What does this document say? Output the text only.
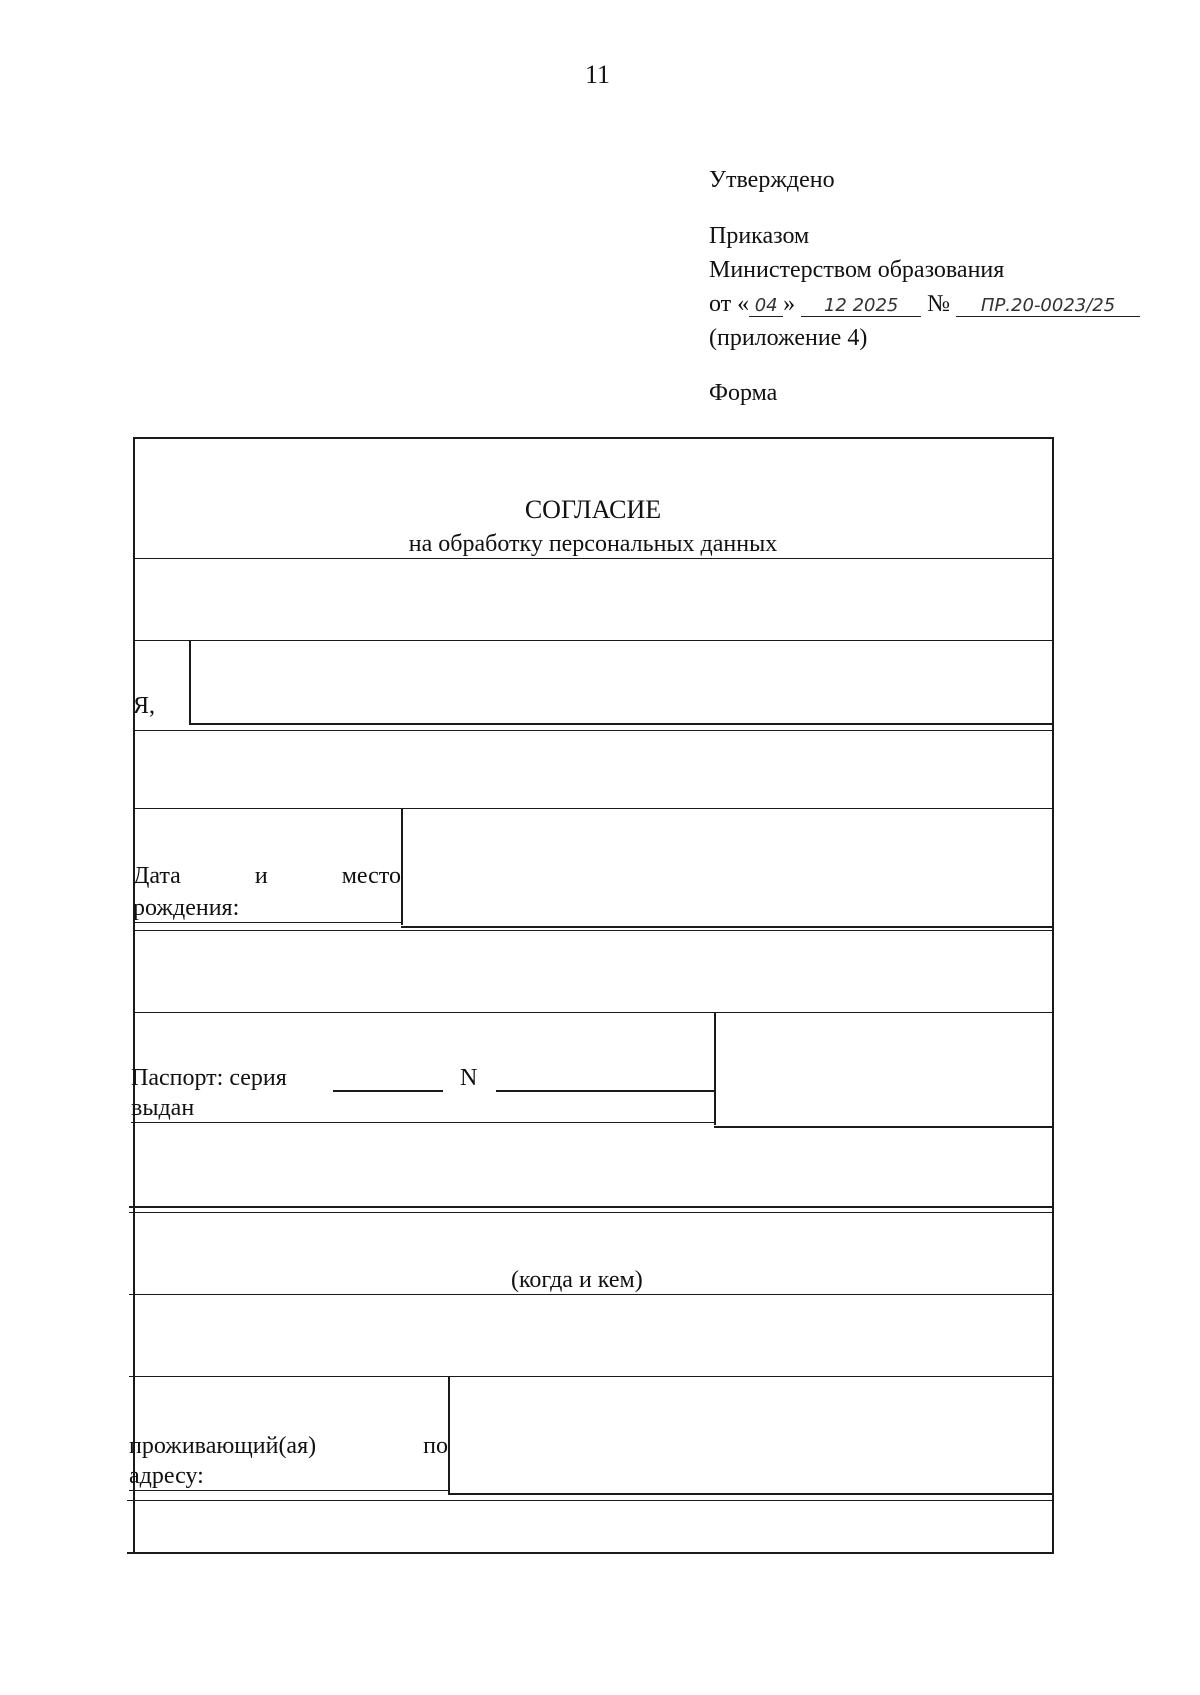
11
Утверждено
Приказом
Министерством образования
от « 04 » 12 2025 № ПР.20-0023/25
(приложение 4)
Форма
СОГЛАСИЕ
на обработку персональных данных
Я,
Дата	и	место
рождения:
Паспорт: серия	N
выдан
(когда и кем)
проживающий(ая)	по
адресу:
